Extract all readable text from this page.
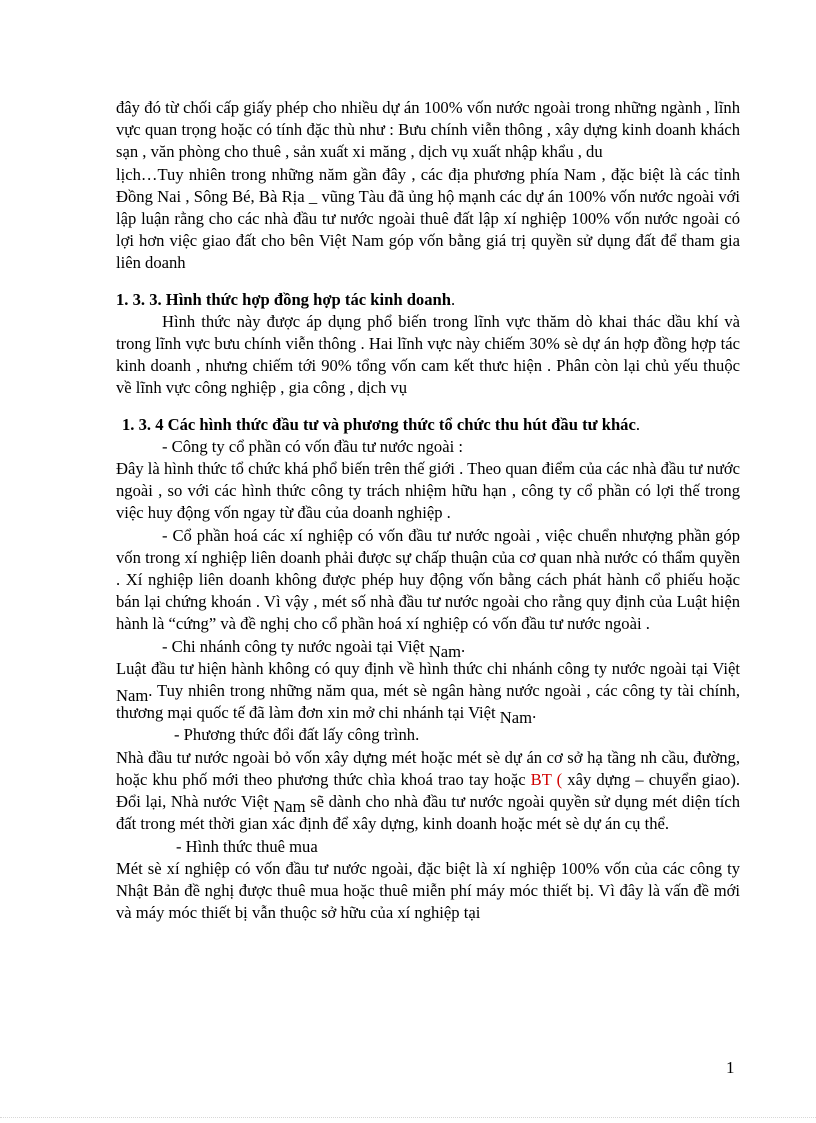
đây đó từ chối cấp giấy phép cho nhiều dự án 100% vốn nước ngoài trong những ngành , lĩnh vực quan trọng hoặc có tính đặc thù như : Bưu chính viễn thông , xây dựng kinh doanh khách sạn , văn phòng cho thuê , sản xuất xi măng , dịch vụ xuất nhập khẩu , du

lịch…Tuy nhiên trong những năm gần đây , các địa phương phía Nam , đặc biệt là các tỉnh Đồng Nai , Sông Bé, Bà Rịa _ vũng Tàu đã ủng hộ mạnh các dự án 100% vốn nước ngoài với lập luận rằng cho các nhà đầu tư nước ngoài thuê đất lập xí nghiệp 100% vốn nước ngoài có lợi hơn việc giao đất cho bên Việt Nam góp vốn bằng giá trị quyền sử dụng đất để tham gia liên doanh

1. 3. 3. Hình thức hợp đồng hợp tác kinh doanh.

Hình thức này được áp dụng phổ biến trong lĩnh vực thăm dò khai thác dầu khí và trong lĩnh vực bưu chính viễn thông . Hai lĩnh vực này chiếm 30% sè dự án hợp đồng hợp tác kinh doanh , nhưng chiếm tới 90% tổng vốn cam kết thưc hiện . Phân còn lại chủ yếu thuộc về lĩnh vực công nghiệp , gia công , dịch vụ

1. 3. 4 Các hình thức đầu tư và phương thức tổ chức thu hút đầu tư khác.

- Công ty cổ phần có vốn đầu tư nước ngoài :

Đây là hình thức tổ chức khá phổ biến trên thế giới . Theo quan điểm của các nhà đầu tư nước ngoài , so với các hình thức công ty trách nhiệm hữu hạn , công ty cổ phần có lợi thế trong việc huy động vốn ngay từ đầu của doanh nghiệp .

- Cổ phần hoá các xí nghiệp có vốn đầu tư nước ngoài , việc chuển nhượng phần góp vốn trong xí nghiệp liên doanh phải được sự chấp thuận của cơ quan nhà nước có thẩm quyền . Xí nghiệp liên doanh không được phép huy động vốn bằng cách phát hành cổ phiếu hoặc bán lại chứng khoán . Vì vậy , mét số nhà đầu tư nước ngoài cho rằng quy định của Luật hiện hành là “cứng” và đề nghị cho cổ phần hoá xí nghiệp có vốn đầu tư nước ngoài .

- Chi nhánh công ty nước ngoài tại Việt Nam.

Luật đầu tư hiện hành không có quy định về hình thức chi nhánh công ty nước ngoài tại Việt Nam. Tuy nhiên trong những năm qua, mét sè ngân hàng nước ngoài , các công ty tài chính, thương mại quốc tế đã làm đơn xin mở chi nhánh tại Việt Nam.

- Phương thức đổi đất lấy công trình.

Nhà đầu tư nước ngoài bỏ vốn xây dựng mét hoặc mét sè dự án cơ sở hạ tầng nh cầu, đường, hoặc khu phố mới theo phương thức chìa khoá trao tay hoặc BT ( xây dựng – chuyển giao). Đổi lại, Nhà nước Việt Nam sẽ dành cho nhà đầu tư nước ngoài quyền sử dụng mét diện tích đất trong mét thời gian xác định để xây dựng, kinh doanh hoặc mét sè dự án cụ thể.

- Hình thức thuê mua

Mét sè xí nghiệp có vốn đầu tư nước ngoài, đặc biệt là xí nghiệp 100% vốn của các công ty Nhật Bản đề nghị được thuê mua hoặc thuê miễn phí máy móc thiết bị. Vì đây là vấn đề mới và máy móc thiết bị vẫn thuộc sở hữu của xí nghiệp tại

1
